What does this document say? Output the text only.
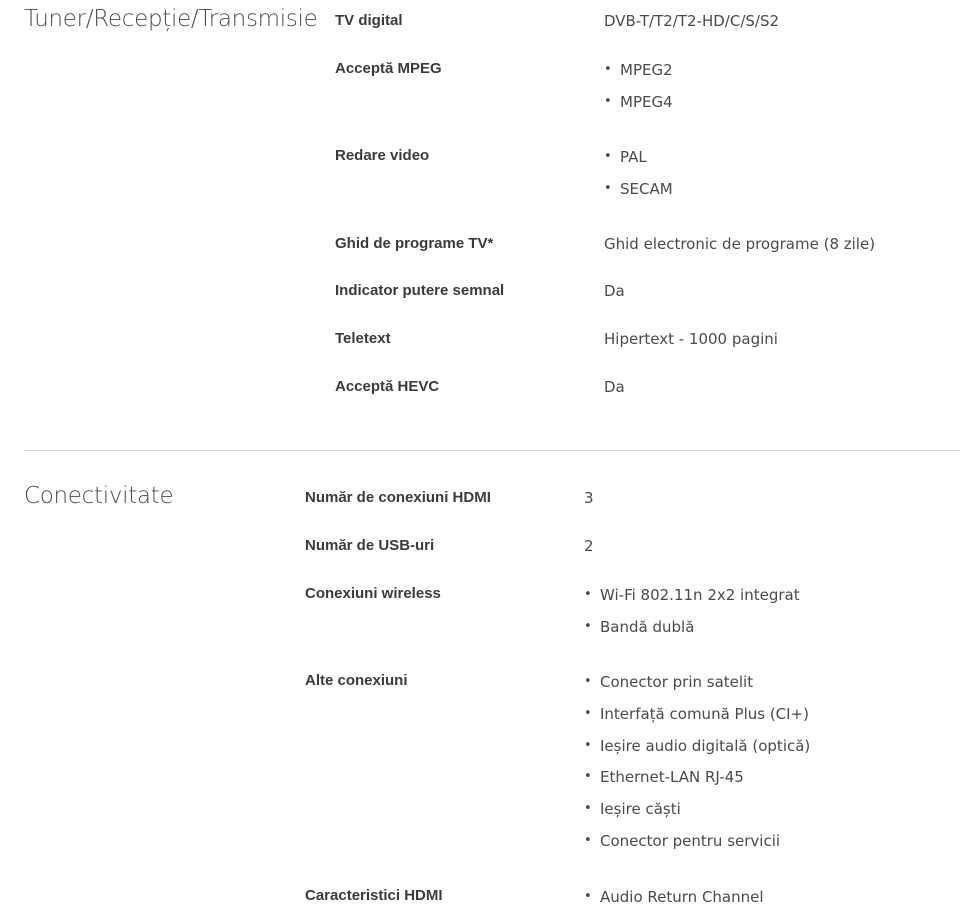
Tuner/Recepție/Transmisie TV digital	DVB-T/T2/T2-HD/C/S/S2
Acceptă MPEG	• MPEG2
• MPEG4
Redare video	• PAL
• SECAM
Ghid de programe TV*	Ghid electronic de programe (8 zile)
Indicator putere semnal	Da
Teletext	Hipertext - 1000 pagini
Acceptă HEVC	Da
Conectivitate	Număr de conexiuni HDMI	3
Număr de USB-uri	2
Conexiuni wireless	• Wi-Fi 802.11n 2x2 integrat
• Bandă dublă
Alte conexiuni	• Conector prin satelit
• Interfață comună Plus (CI+)
• Ieșire audio digitală (optică)
• Ethernet-LAN RJ-45
• Ieșire căști
• Conector pentru servicii
Caracteristici HDMI	• Audio Return Channel
